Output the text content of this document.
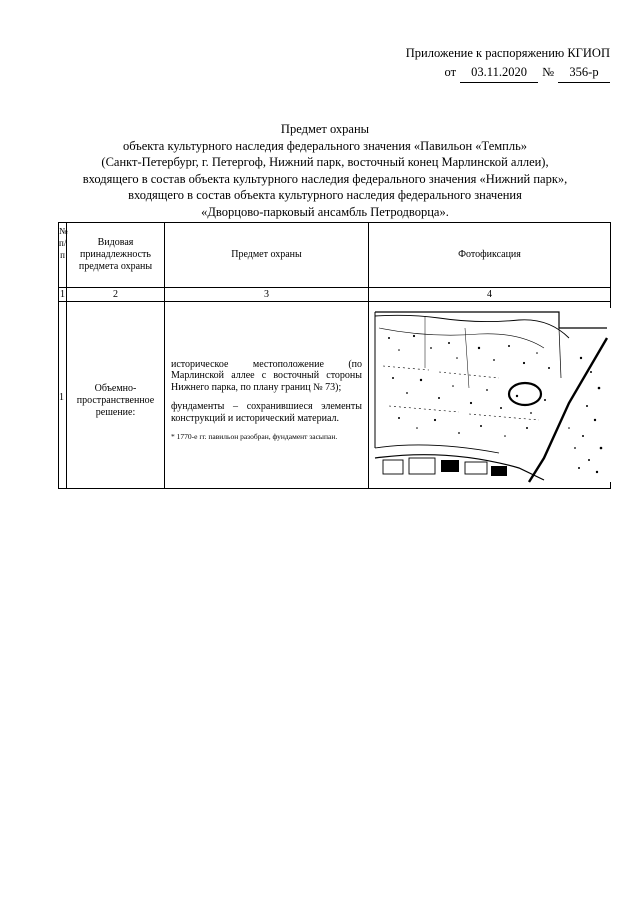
Приложение к распоряжению КГИОП
от	03.11.2020	№	356-р
Предмет охраны
объекта культурного наследия федерального значения «Павильон «Темпль»
(Санкт-Петербург, г. Петергоф, Нижний парк, восточный конец Марлинской аллеи),
входящего в состав объекта культурного наследия федерального значения «Нижний парк»,
входящего в состав объекта культурного наследия федерального значения
«Дворцово-парковый ансамбль Петродворца».
№ п/п	Видовая принадлежность предмета охраны	Предмет охраны	Фотофиксация
1	2	3	4
1	Объемно-пространственное решение:	историческое местоположение (по Марлинской аллее с восточный стороны Нижнего парка, по плану границ № 73);

фундаменты – сохранившиеся элементы конструкций и исторический материал.

* 1770-е гг. павильон разобран, фундамент засыпан.
